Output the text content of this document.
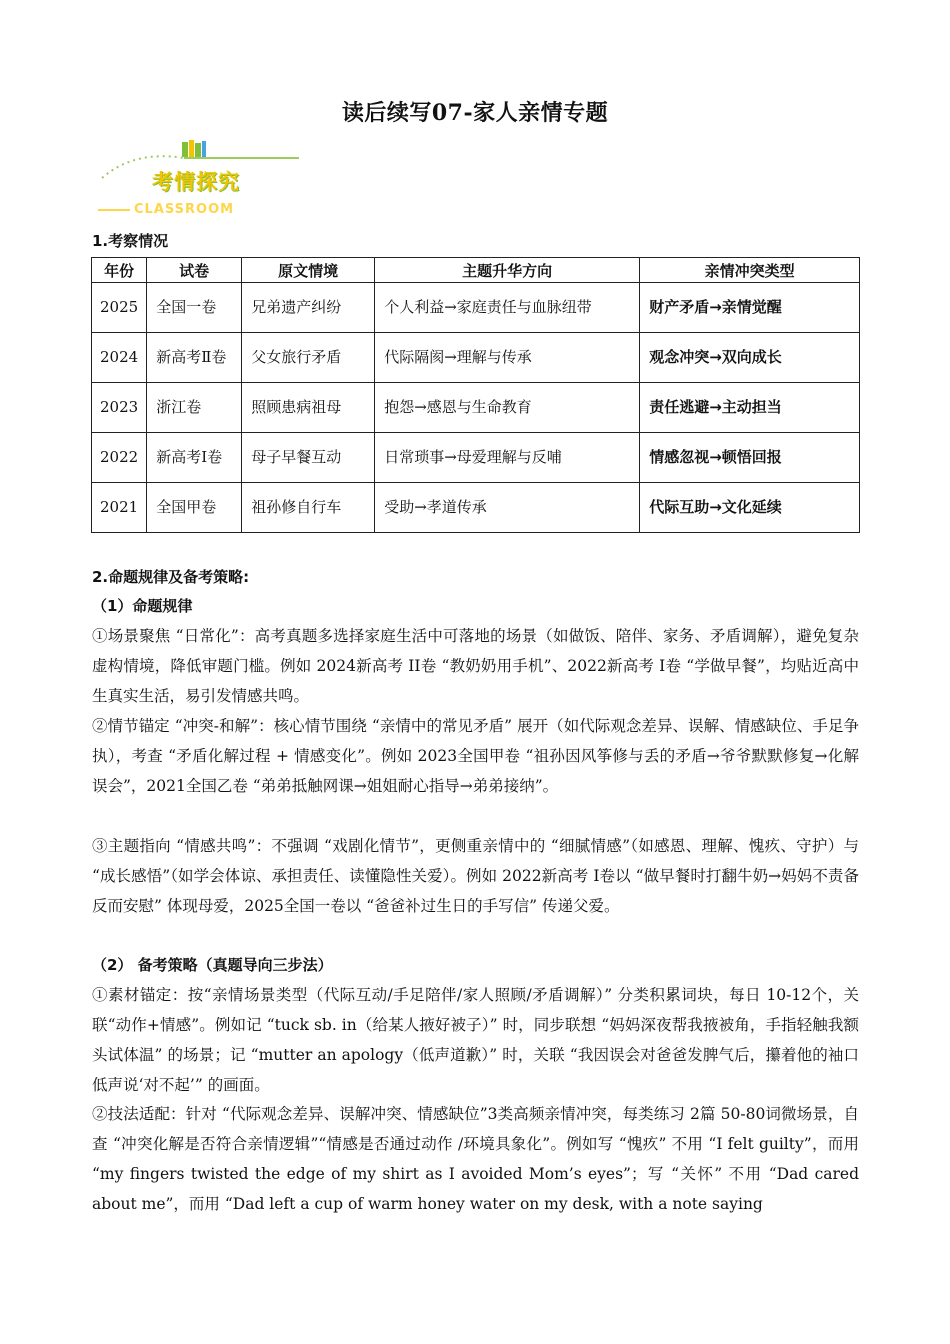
读后续写07-家人亲情专题
考情探究
CLASSROOM
1.考察情况
年份	试卷	原文情境	主题升华方向	亲情冲突类型
2025	全国一卷	兄弟遗产纠纷	个人利益→家庭责任与血脉纽带	财产矛盾→亲情觉醒
2024	新高考Ⅱ卷	父女旅行矛盾	代际隔阂→理解与传承	观念冲突→双向成长
2023	浙江卷	照顾患病祖母	抱怨→感恩与生命教育	责任逃避→主动担当
2022	新高考Ⅰ卷	母子早餐互动	日常琐事→母爱理解与反哺	情感忽视→顿悟回报
2021	全国甲卷	祖孙修自行车	受助→孝道传承	代际互助→文化延续
2.命题规律及备考策略:
（1）命题规律

①场景聚焦 “日常化”：高考真题多选择家庭生活中可落地的场景（如做饭、陪伴、家务、矛盾调解），避免复杂虚构情境，降低审题门槛。例如 2024新高考 II卷 “教奶奶用手机”、2022新高考 I卷 “学做早餐”，均贴近高中生真实生活，易引发情感共鸣。

②情节锚定 “冲突-和解”：核心情节围绕 “亲情中的常见矛盾” 展开（如代际观念差异、误解、情感缺位、手足争执），考查 “矛盾化解过程 + 情感变化”。例如 2023全国甲卷 “祖孙因风筝修与丢的矛盾→爷爷默默修复→化解误会”，2021全国乙卷 “弟弟抵触网课→姐姐耐心指导→弟弟接纳”。

③主题指向 “情感共鸣”：不强调 “戏剧化情节”，更侧重亲情中的 “细腻情感”（如感恩、理解、愧疚、守护）与 “成长感悟”（如学会体谅、承担责任、读懂隐性关爱）。例如 2022新高考 I卷以 “做早餐时打翻牛奶→妈妈不责备反而安慰” 体现母爱，2025全国一卷以 “爸爸补过生日的手写信” 传递父爱。

（2） 备考策略（真题导向三步法）

①素材锚定：按“亲情场景类型（代际互动/手足陪伴/家人照顾/矛盾调解）” 分类积累词块，每日 10-12个，关联“动作+情感”。例如记 “tuck sb. in（给某人掖好被子）” 时，同步联想 “妈妈深夜帮我掖被角，手指轻触我额头试体温” 的场景；记 “mutter an apology（低声道歉）” 时，关联 “我因误会对爸爸发脾气后，攥着他的袖口低声说‘对不起’” 的画面。

②技法适配：针对 “代际观念差异、误解冲突、情感缺位”3类高频亲情冲突，每类练习 2篇 50-80词微场景，自查 “冲突化解是否符合亲情逻辑”“情感是否通过动作 /环境具象化”。例如写 “愧疚” 不用 “I felt guilty”，而用 “my fingers twisted the edge of my shirt as I avoided Mom’s eyes”；写 “关怀” 不用 “Dad cared about me”，而用 “Dad left a cup of warm honey water on my desk, with a note saying
